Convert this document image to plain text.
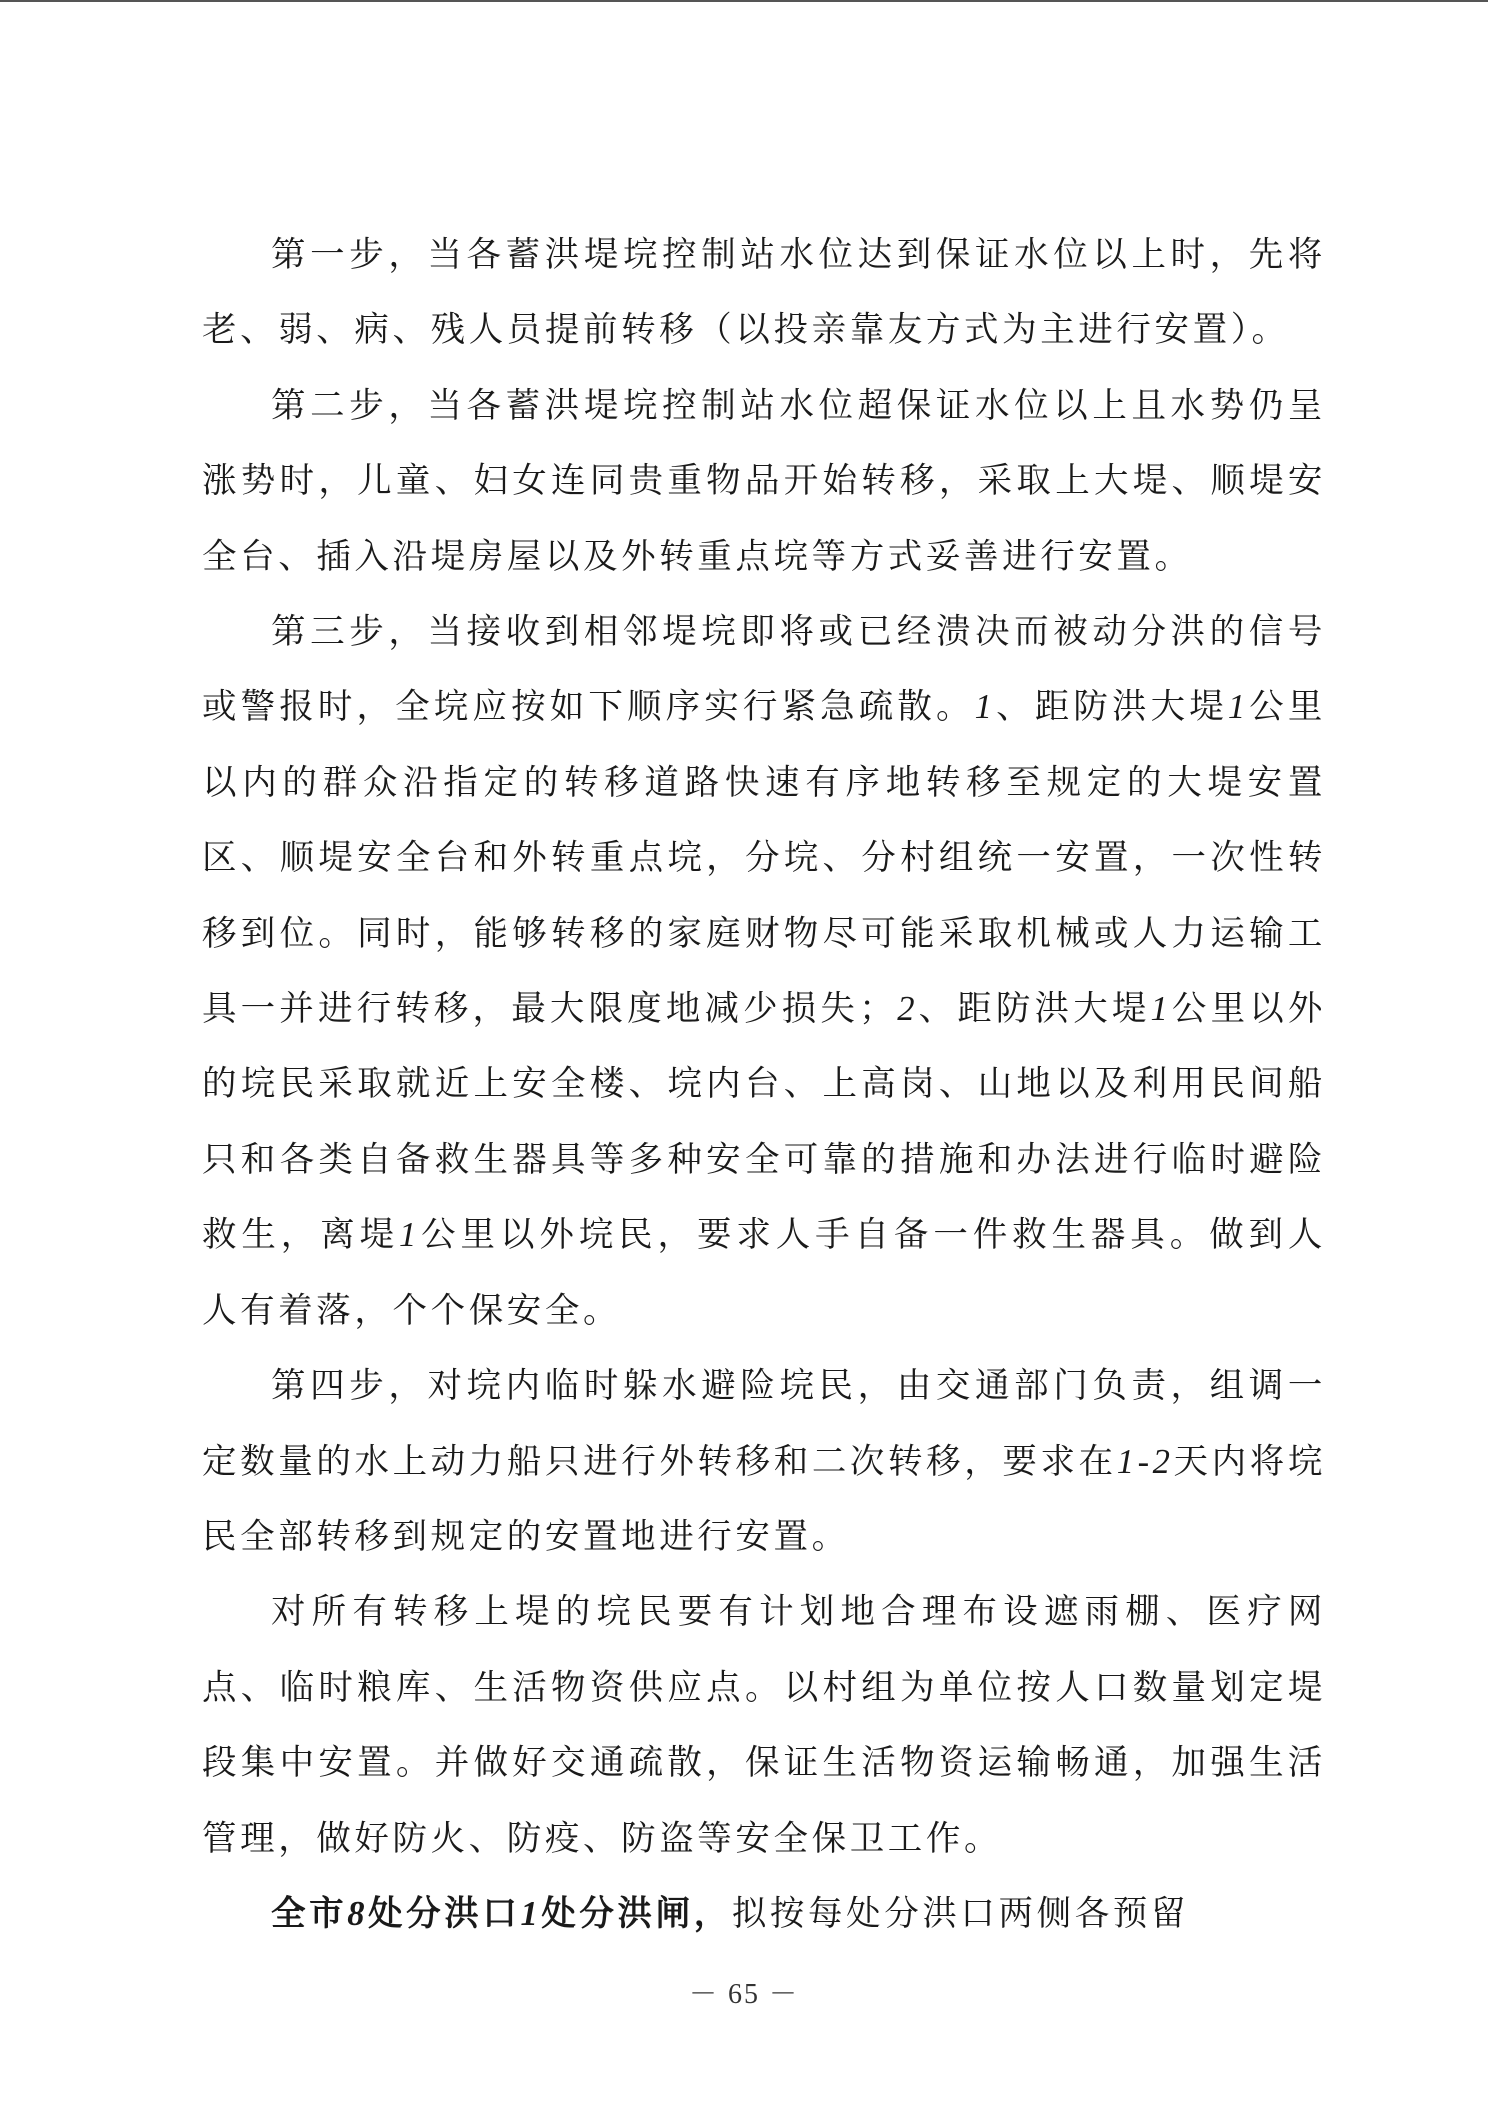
第一步，当各蓄洪堤垸控制站水位达到保证水位以上时，先将老、弱、病、残人员提前转移（以投亲靠友方式为主进行安置）。

第二步，当各蓄洪堤垸控制站水位超保证水位以上且水势仍呈涨势时，儿童、妇女连同贵重物品开始转移，采取上大堤、顺堤安全台、插入沿堤房屋以及外转重点垸等方式妥善进行安置。

第三步，当接收到相邻堤垸即将或已经溃决而被动分洪的信号或警报时，全垸应按如下顺序实行紧急疏散。1、距防洪大堤1公里以内的群众沿指定的转移道路快速有序地转移至规定的大堤安置区、顺堤安全台和外转重点垸，分垸、分村组统一安置，一次性转移到位。同时，能够转移的家庭财物尽可能采取机械或人力运输工具一并进行转移，最大限度地减少损失；2、距防洪大堤1公里以外的垸民采取就近上安全楼、垸内台、上高岗、山地以及利用民间船只和各类自备救生器具等多种安全可靠的措施和办法进行临时避险救生，离堤1公里以外垸民，要求人手自备一件救生器具。做到人人有着落，个个保安全。

第四步，对垸内临时躲水避险垸民，由交通部门负责，组调一定数量的水上动力船只进行外转移和二次转移，要求在1-2天内将垸民全部转移到规定的安置地进行安置。

对所有转移上堤的垸民要有计划地合理布设遮雨棚、医疗网点、临时粮库、生活物资供应点。以村组为单位按人口数量划定堤段集中安置。并做好交通疏散，保证生活物资运输畅通，加强生活管理，做好防火、防疫、防盗等安全保卫工作。

全市8处分洪口1处分洪闸，拟按每处分洪口两侧各预留

－ 65 －
